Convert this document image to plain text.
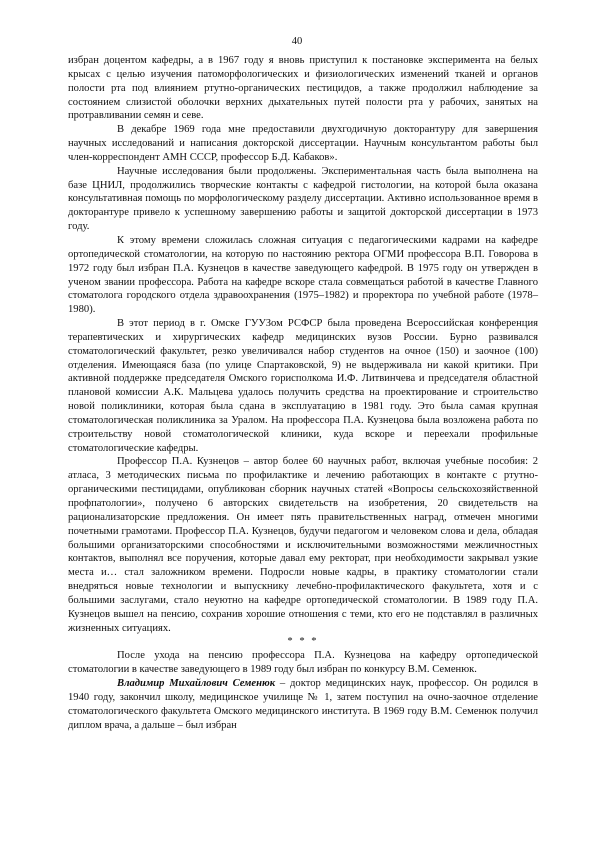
40

избран доцентом кафедры, а в 1967 году я вновь приступил к постановке эксперимента на белых крысах с целью изучения патоморфологических и физиологических изменений тканей и органов полости рта под влиянием ртутно-органических пестицидов, а также продолжил наблюдение за состоянием слизистой оболочки верхних дыхательных путей полости рта у рабочих, занятых на протравливании семян и севе.

В декабре 1969 года мне предоставили двухгодичную докторантуру для завершения научных исследований и написания докторской диссертации. Научным консультантом работы был член-корреспондент АМН СССР, профессор Б.Д. Кабаков».

Научные исследования были продолжены. Экспериментальная часть была выполнена на базе ЦНИЛ, продолжились творческие контакты с кафедрой гистологии, на которой была оказана консультативная помощь по морфологическому разделу диссертации. Активно использованное время в докторантуре привело к успешному завершению работы и защитой докторской диссертации в 1973 году.

К этому времени сложилась сложная ситуация с педагогическими кадрами на кафедре ортопедической стоматологии, на которую по настоянию ректора ОГМИ профессора В.П. Говорова в 1972 году был избран П.А. Кузнецов в качестве заведующего кафедрой. В 1975 году он утвержден в ученом звании профессора. Работа на кафедре вскоре стала совмещаться работой в качестве Главного стоматолога городского отдела здравоохранения (1975–1982) и проректора по учебной работе (1978–1980).

В этот период в г. Омске ГУУЗом РСФСР была проведена Всероссийская конференция терапевтических и хирургических кафедр медицинских вузов России. Бурно развивался стоматологический факультет, резко увеличивался набор студентов на очное (150) и заочное (100) отделения. Имеющаяся база (по улице Спартаковской, 9) не выдерживала ни какой критики. При активной поддержке председателя Омского горисполкома И.Ф. Литвинчева и председателя областной плановой комиссии А.К. Мальцева удалось получить средства на проектирование и строительство новой поликлиники, которая была сдана в эксплуатацию в 1981 году. Это была самая крупная стоматологическая поликлиника за Уралом. На профессора П.А. Кузнецова была возложена работа по строительству новой стоматологической клиники, куда вскоре и переехали профильные стоматологические кафедры.

Профессор П.А. Кузнецов – автор более 60 научных работ, включая учебные пособия: 2 атласа, 3 методических письма по профилактике и лечению работающих в контакте с ртутно-органическими пестицидами, опубликован сборник научных статей «Вопросы сельскохозяйственной профпатологии», получено 6 авторских свидетельств на изобретения, 20 свидетельств на рационализаторские предложения. Он имеет пять правительственных наград, отмечен многими почетными грамотами. Профессор П.А. Кузнецов, будучи педагогом и человеком слова и дела, обладая большими организаторскими способностями и исключительными возможностями межличностных контактов, выполнял все поручения, которые давал ему ректорат, при необходимости закрывал узкие места и… стал заложником времени. Подросли новые кадры, в практику стоматологии стали внедряться новые технологии и выпускнику лечебно-профилактического факультета, хотя и с большими заслугами, стало неуютно на кафедре ортопедической стоматологии. В 1989 году П.А. Кузнецов вышел на пенсию, сохранив хорошие отношения с теми, кто его не подставлял в различных жизненных ситуациях.

* * *

После ухода на пенсию профессора П.А. Кузнецова на кафедру ортопедической стоматологии в качестве заведующего в 1989 году был избран по конкурсу В.М. Семенюк.

Владимир Михайлович Семенюк – доктор медицинских наук, профессор. Он родился в 1940 году, закончил школу, медицинское училище № 1, затем поступил на очно-заочное отделение стоматологического факультета Омского медицинского института. В 1969 году В.М. Семенюк получил диплом врача, а дальше – был избран
